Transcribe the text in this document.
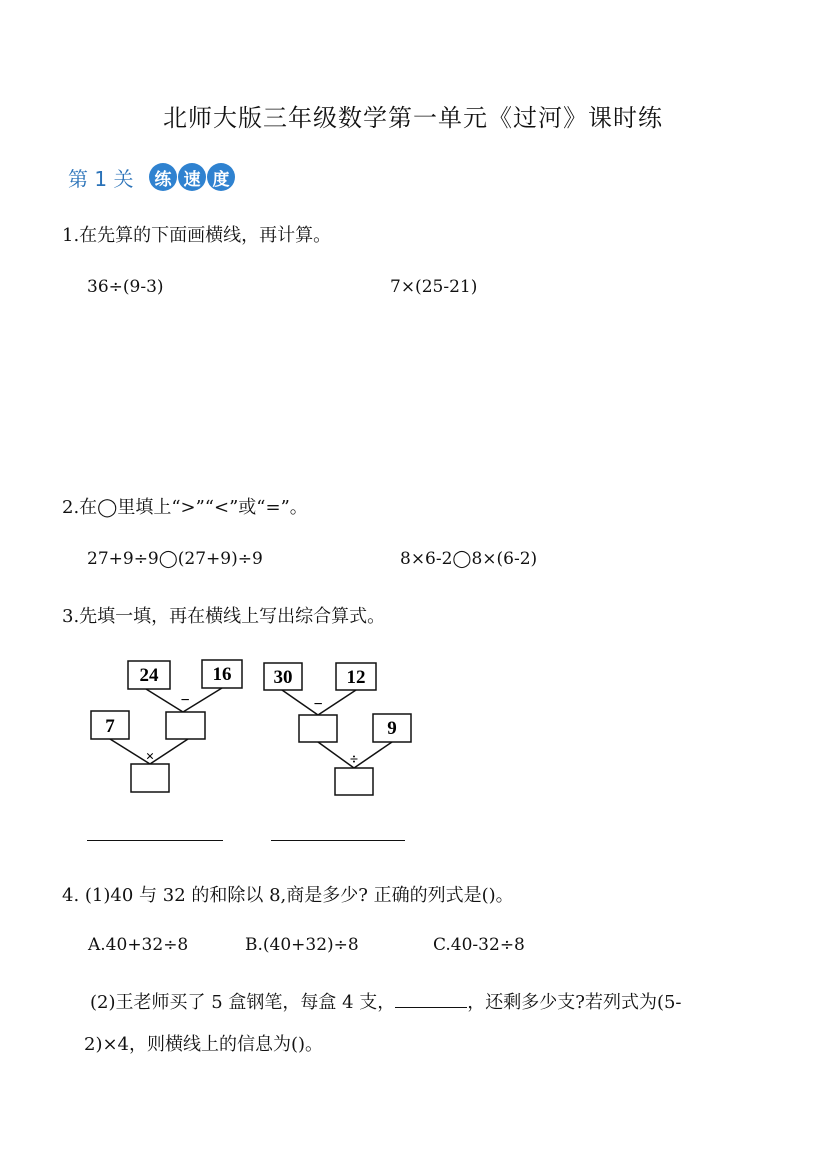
北师大版三年级数学第一单元《过河》课时练
第 1 关	练 速 度
1.在先算的下面画横线，再计算。
36÷(9-3)	7×(25-21)
2.在◯里填上“>”“<”或“=”。
27+9÷9◯(27+9)÷9	8×6-2◯8×(6-2)
3.先填一填，再在横线上写出综合算式。
24	16
−
7
×
30	12
−
9
÷
4. (1)40 与 32 的和除以 8,商是多少? 正确的列式是()。
A.40+32÷8	B.(40+32)÷8	C.40-32÷8
(2)王老师买了 5 盒钢笔，每盒 4 支，	，还剩多少支?若列式为(5-
2)×4，则横线上的信息为()。
